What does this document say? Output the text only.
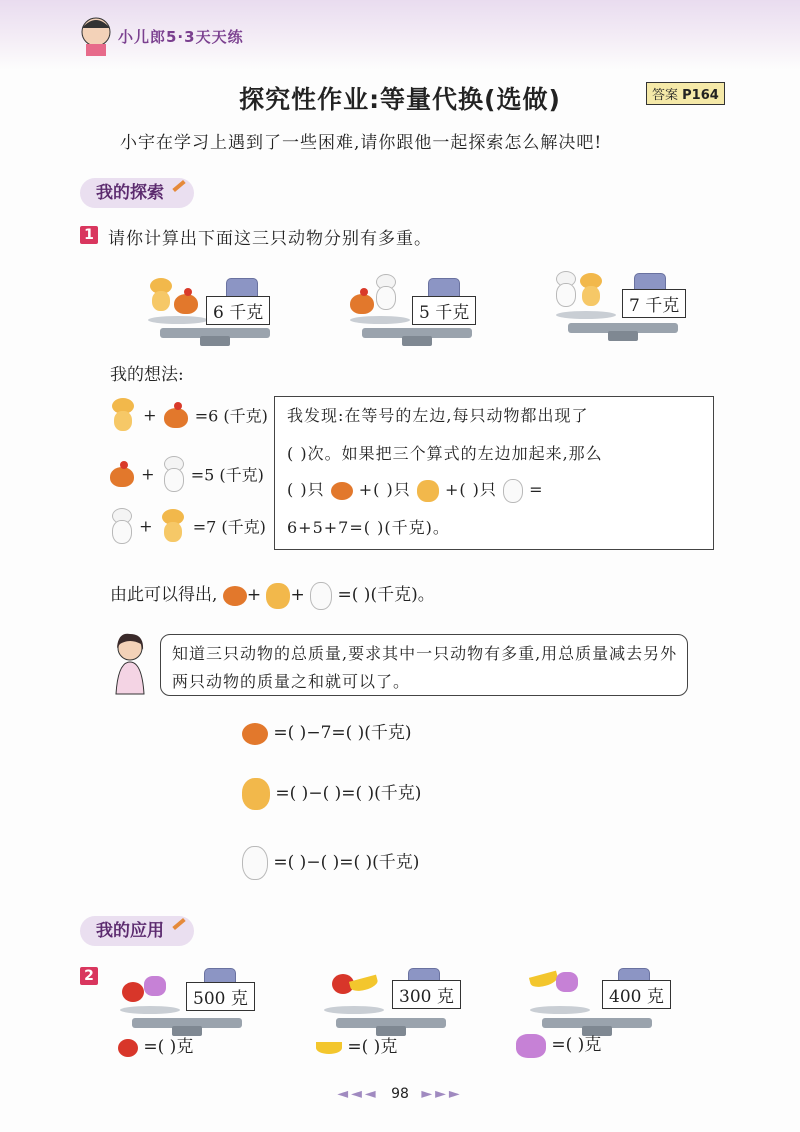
小儿郎5·3天天练
探究性作业:等量代换(选做)	答案 P164
小宇在学习上遇到了一些困难,请你跟他一起探索怎么解决吧!
我的探索
1 请你计算出下面这三只动物分别有多重。
6 千克	5 千克	7 千克
我的想法:
+ =6 (千克)
+ =5 (千克)
+	=7 (千克)
我发现:在等号的左边,每只动物都出现了
( )次。如果把三个算式的左边加起来,那么
( )只 +( )只 +( )只 =
6+5+7=( )(千克)。
由此可以得出, + +  =( )(千克)。
知道三只动物的总质量,要求其中一只动物有多重,用总质量减去另外两只动物的质量之和就可以了。
=( )−7=( )(千克)
=( )−( )=( )(千克)
=( )−( )=( )(千克)
我的应用
2
500 克	300 克	400 克
=( )克	=( )克	=( )克
◄◄◄ 98 ►►►
